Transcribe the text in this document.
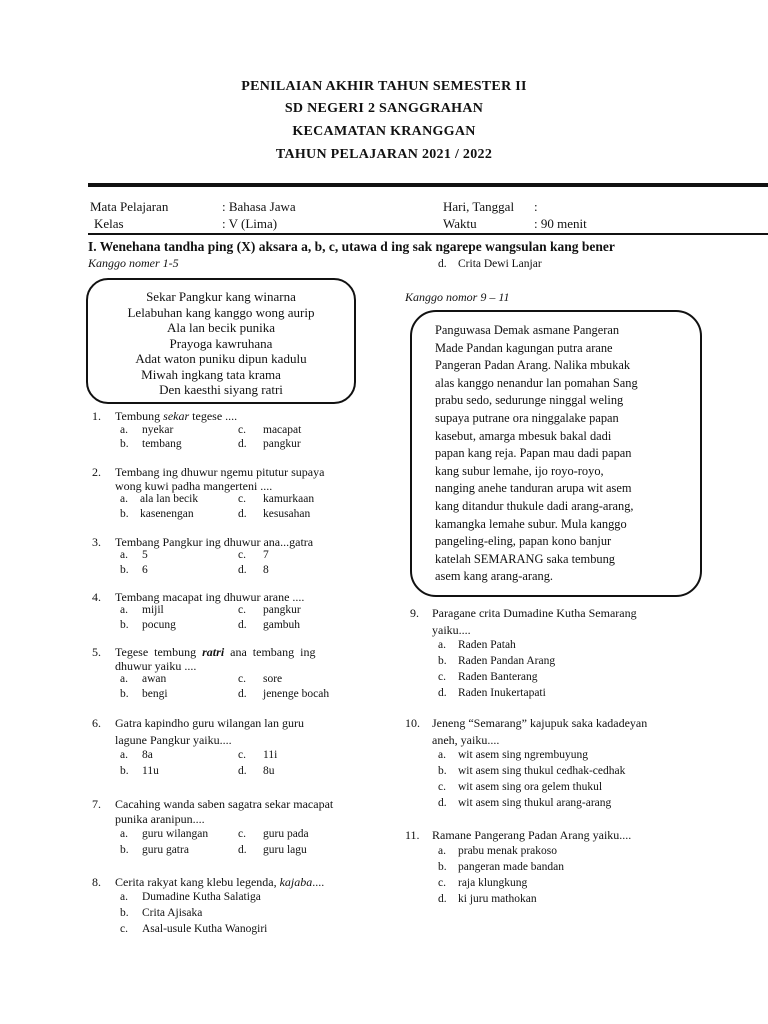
PENILAIAN AKHIR TAHUN SEMESTER II
SD NEGERI 2 SANGGRAHAN
KECAMATAN KRANGGAN
TAHUN PELAJARAN 2021 / 2022
Mata Pelajaran	: Bahasa Jawa	Hari, Tanggal :
Kelas	: V (Lima)	Waktu	: 90 menit
I. Wenehana tandha ping (X) aksara a, b, c, utawa d ing sak ngarepe wangsulan kang bener
Kanggo nomer 1-5
Sekar Pangkur kang winarna
Lelabuhan kang kanggo wong aurip
Ala lan becik punika
Prayoga kawruhana
Adat waton puniku dipun kadulu
Miwah ingkang tata krama
Den kaesthi siyang ratri
1. Tembung sekar tegese ....
a. nyekar	c. macapat
b. tembang	d. pangkur
2. Tembang ing dhuwur ngemu pitutur supaya
wong kuwi padha mangerteni ....
a. ala lan becik	c. kamurkaan
b. kasenengan	d. kesusahan
3. Tembang Pangkur ing dhuwur ana...gatra
a. 5	c. 7
b. 6	d. 8
4. Tembang macapat ing dhuwur arane ....
a. mijil	c. pangkur
b. pocung	d. gambuh
5. Tegese  tembung  ratri  ana  tembang  ing
dhuwur yaiku ....
a. awan	c. sore
b. bengi	d. jenenge bocah
6. Gatra kapindho guru wilangan lan guru
lagune Pangkur yaiku....
a. 8a	c. 11i
b. 11u	d. 8u
7. Cacahing wanda saben sagatra sekar macapat
punika aranipun....
a. guru wilangan	c. guru pada
b. guru gatra	d. guru lagu
8. Cerita rakyat kang klebu legenda, kajaba....
a. Dumadine Kutha Salatiga
b. Crita Ajisaka
c. Asal-usule Kutha Wanogiri
d. Crita Dewi Lanjar
Kanggo nomor 9 – 11
Panguwasa Demak asmane Pangeran
Made Pandan kagungan putra arane
Pangeran Padan Arang. Nalika mbukak
alas kanggo nenandur lan pomahan Sang
prabu sedo, sedurunge ninggal weling
supaya putrane ora ninggalake papan
kasebut, amarga mbesuk bakal dadi
papan kang reja. Papan mau dadi papan
kang subur lemahe, ijo royo-royo,
nanging anehe tanduran arupa wit asem
kang ditandur thukule dadi arang-arang,
kamangka lemahe subur. Mula kanggo
pangeling-eling, papan kono banjur
katelah SEMARANG saka tembung
asem kang arang-arang.
9. Paragane crita Dumadine Kutha Semarang
yaiku....
a. Raden Patah
b. Raden Pandan Arang
c. Raden Banterang
d. Raden Inukertapati
10. Jeneng “Semarang” kajupuk saka kadadeyan
aneh, yaiku....
a. wit asem sing ngrembuyung
b. wit asem sing thukul cedhak-cedhak
c. wit asem sing ora gelem thukul
d. wit asem sing thukul arang-arang
11. Ramane Pangerang Padan Arang yaiku....
a. prabu menak prakoso
b. pangeran made bandan
c. raja klungkung
d. ki juru mathokan
